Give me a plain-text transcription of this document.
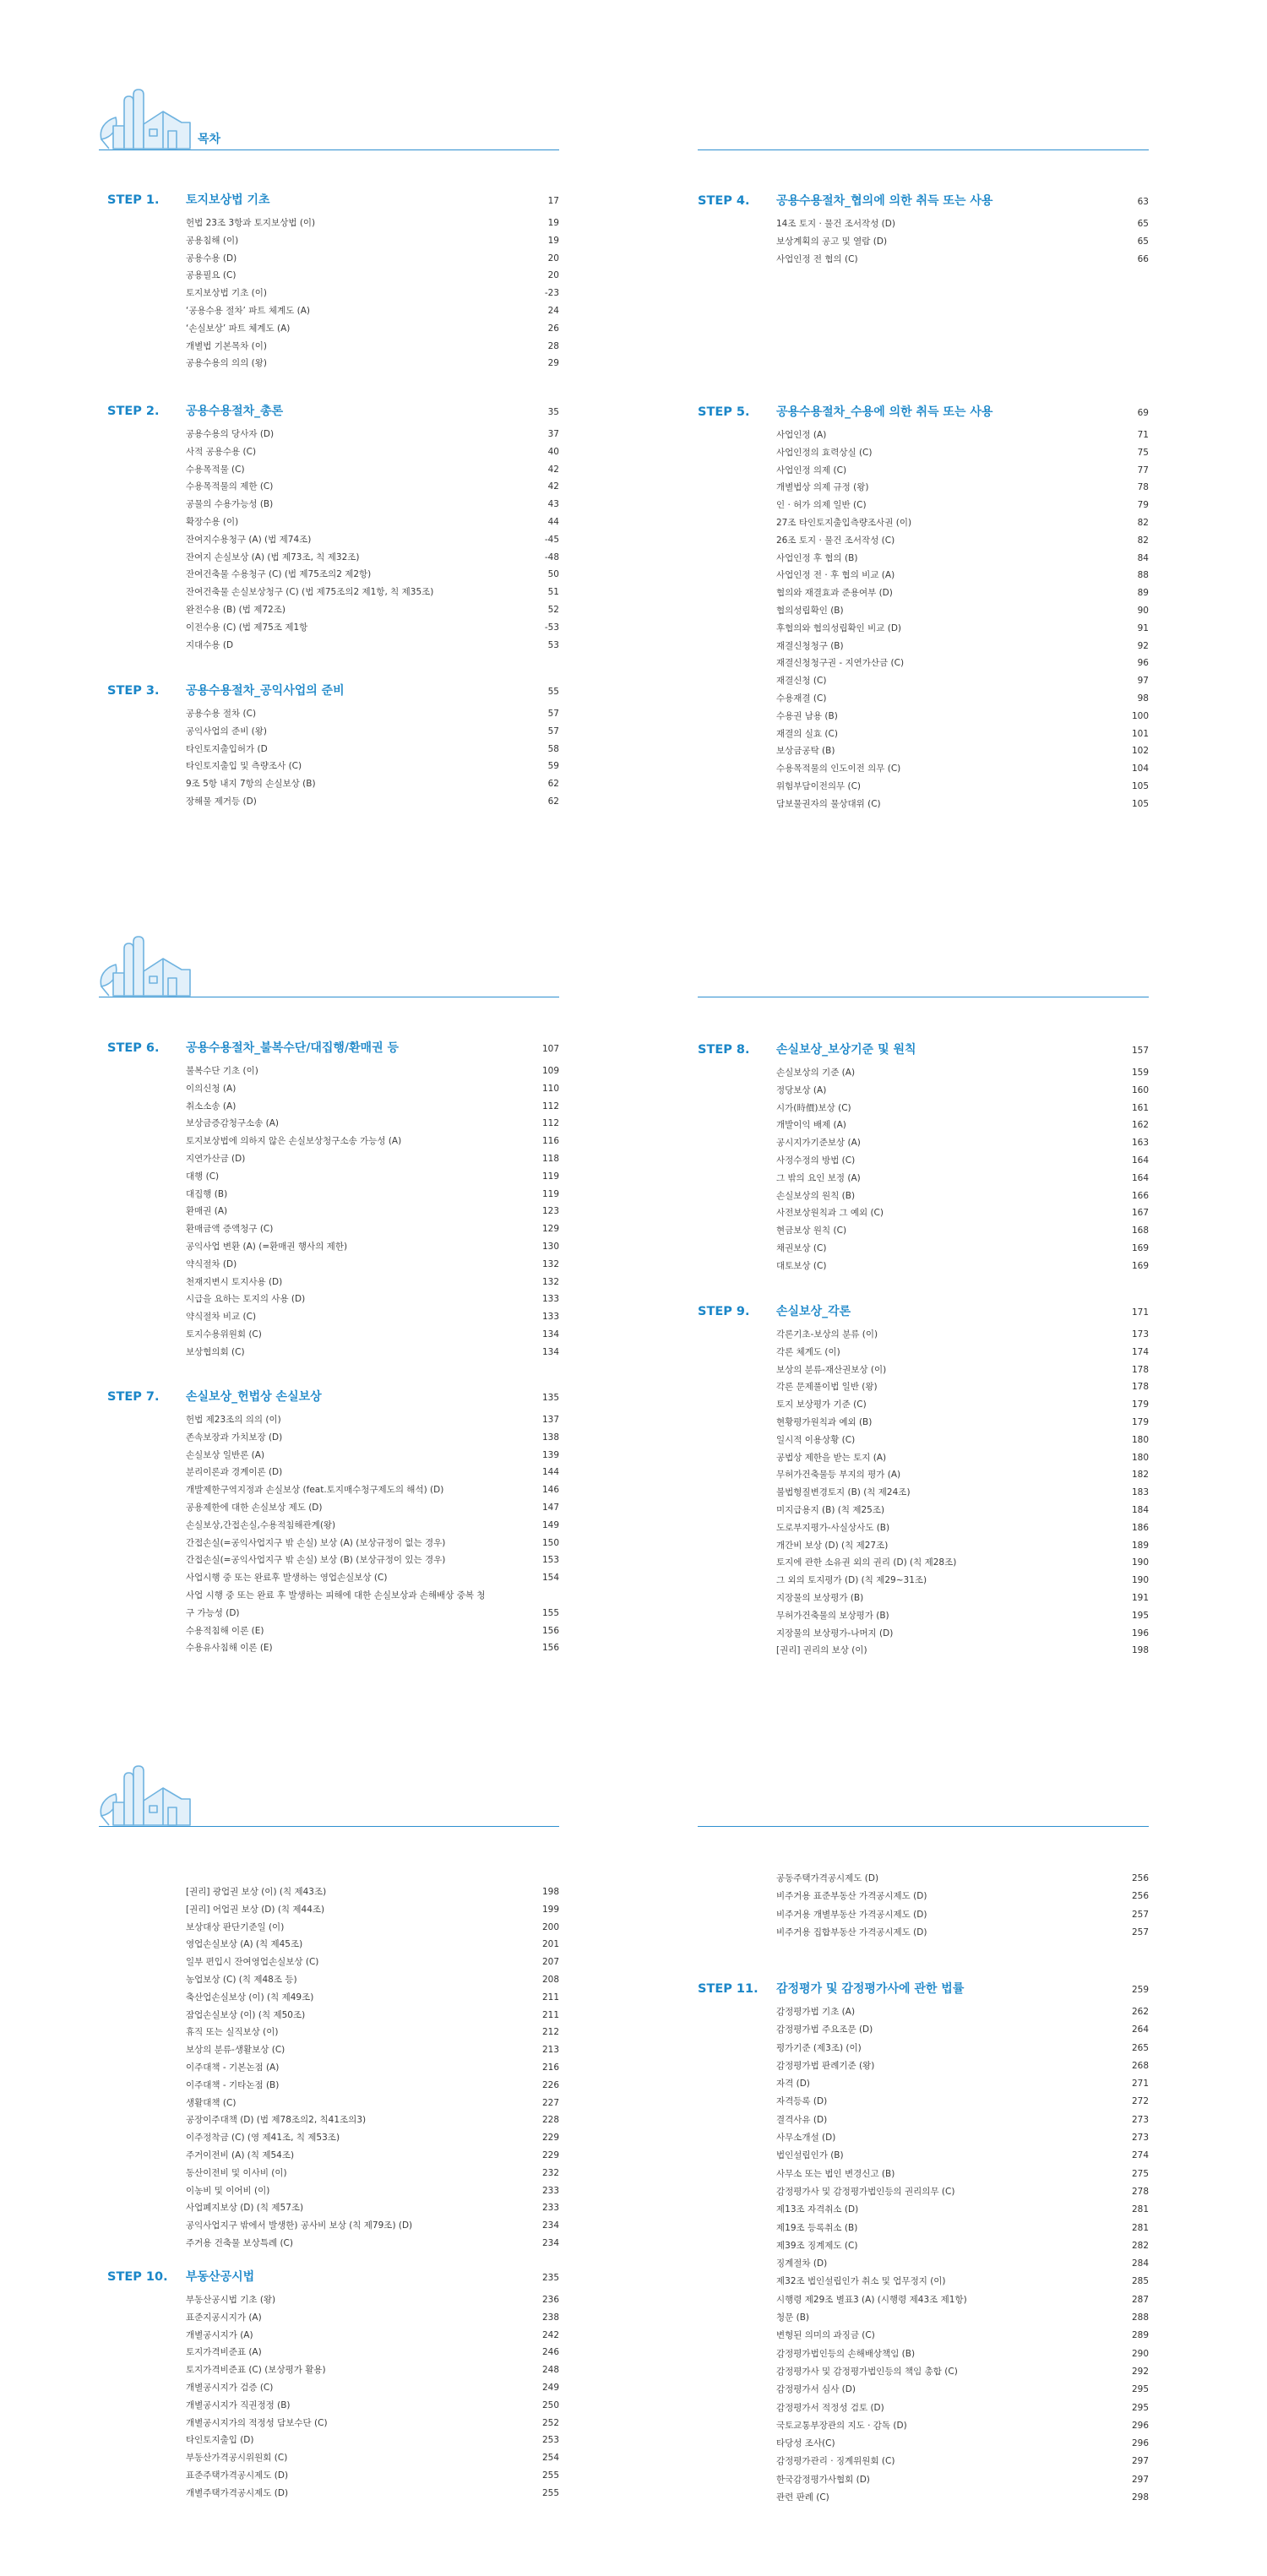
목차
STEP 1.	토지보상법 기초	17
헌법 23조 3항과 토지보상법 (이)	19
공용침해 (이)	19
공용수용 (D)	20
공용필요 (C)	20
토지보상법 기초 (이)	-23
‘공용수용 절차’ 파트 체계도 (A)	24
‘손실보상’ 파트 체계도 (A)	26
개별법 기본목차 (이)	28
공용수용의 의의 (왕)	29
STEP 2.	공용수용절차_총론	35
공용수용의 당사자 (D)	37
사적 공용수용 (C)	40
수용목적물 (C)	42
수용목적물의 제한 (C)	42
공물의 수용가능성 (B)	43
확장수용 (이)	44
잔여지수용청구 (A) (법 제74조)	-45
잔여지 손실보상 (A) (법 제73조, 칙 제32조)	-48
잔여건축물 수용청구 (C) (법 제75조의2 제2항)	50
잔여건축물 손실보상청구 (C) (법 제75조의2 제1항, 칙 제35조)	51
완전수용 (B) (법 제72조)	52
이전수용 (C) (법 제75조 제1항	-53
지대수용 (D	53
STEP 3.	공용수용절차_공익사업의 준비	55
공용수용 절차 (C)	57
공익사업의 준비 (왕)	57
타인토지출입허가 (D	58
타인토지출입 및 측량조사 (C)	59
9조 5항 내지 7항의 손실보상 (B)	62
장해물 제거등 (D)	62
STEP 4.	공용수용절차_협의에 의한 취득 또는 사용	63
14조 토지 · 물건 조서작성 (D)	65
보상계획의 공고 및 열람 (D)	65
사업인정 전 협의 (C)	66
STEP 5.	공용수용절차_수용에 의한 취득 또는 사용	69
사업인정 (A)	71
사업인정의 효력상실 (C)	75
사업인정 의제 (C)	77
개별법상 의제 규정 (왕)	78
인 · 허가 의제 일반 (C)	79
27조 타인토지출입측량조사권 (이)	82
26조 토지 · 물건 조서작성 (C)	82
사업인정 후 협의 (B)	84
사업인정 전 · 후 협의 비교 (A)	88
협의와 재결효과 준용여부 (D)	89
협의성립확인 (B)	90
후협의와 협의성립확인 비교 (D)	91
재결신청청구 (B)	92
재결신청청구권 - 지연가산금 (C)	96
재결신청 (C)	97
수용재결 (C)	98
수용권 남용 (B)	100
재결의 실효 (C)	101
보상금공탁 (B)	102
수용목적물의 인도이전 의무 (C)	104
위험부담이전의무 (C)	105
담보물권자의 물상대위 (C)	105
STEP 6.	공용수용절차_불복수단/대집행/환매권 등	107
불복수단 기초 (이)	109
이의신청 (A)	110
취소소송 (A)	112
보상금증감청구소송 (A)	112
토지보상법에 의하지 않은 손실보상청구소송 가능성 (A)	116
지연가산금 (D)	118
대행 (C)	119
대집행 (B)	119
환매권 (A)	123
환매금액 증액청구 (C)	129
공익사업 변환 (A) (=환매권 행사의 제한)	130
약식절차 (D)	132
천재지변시 토지사용 (D)	132
시급을 요하는 토지의 사용 (D)	133
약식절차 비교 (C)	133
토지수용위원회 (C)	134
보상협의회 (C)	134
STEP 7.	손실보상_헌법상 손실보상	135
헌법 제23조의 의의 (이)	137
존속보장과 가치보장 (D)	138
손실보상 일반론 (A)	139
분리이론과 경계이론 (D)	144
개발제한구역지정과 손실보상 (feat.토지매수청구제도의 해석) (D)	146
공용제한에 대한 손실보상 제도 (D)	147
손실보상,간접손실,수용적침해관계(왕)	149
간접손실(=공익사업지구 밖 손실) 보상 (A) (보상규정이 없는 경우)	150
간접손실(=공익사업지구 밖 손실) 보상 (B) (보상규정이 있는 경우)	153
사업시행 중 또는 완료후 발생하는 영업손실보상 (C)	154
사업 시행 중 또는 완료 후 발생하는 피해에 대한 손실보상과 손해배상 중복 청
구 가능성 (D)	155
수용적침해 이론 (E)	156
수용유사침해 이론 (E)	156
STEP 8.	손실보상_보상기준 및 원칙	157
손실보상의 기준 (A)	159
정당보상 (A)	160
시가(時價)보상 (C)	161
개발이익 배제 (A)	162
공시지가기준보상 (A)	163
사정수정의 방법 (C)	164
그 밖의 요인 보정 (A)	164
손실보상의 원칙 (B)	166
사전보상원칙과 그 예외 (C)	167
현금보상 원칙 (C)	168
채권보상 (C)	169
대토보상 (C)	169
STEP 9.	손실보상_각론	171
각론기초-보상의 분류 (이)	173
각론 체계도 (이)	174
보상의 분류-재산권보상 (이)	178
각론 문제풀이법 일반 (왕)	178
토지 보상평가 기준 (C)	179
현황평가원칙과 예외 (B)	179
일시적 이용상황 (C)	180
공법상 제한을 받는 토지 (A)	180
무허가건축물등 부지의 평가 (A)	182
불법형질변경토지 (B) (칙 제24조)	183
미지급용지 (B) (칙 제25조)	184
도로부지평가-사실상사도 (B)	186
개간비 보상 (D) (칙 제27조)	189
토지에 관한 소유권 외의 권리 (D) (칙 제28조)	190
그 외의 토지평가 (D) (칙 제29~31조)	190
지장물의 보상평가 (B)	191
무허가건축물의 보상평가 (B)	195
지장물의 보상평가-나머지 (D)	196
[권리] 권리의 보상 (이)	198
[권리] 광업권 보상 (이) (칙 제43조)	198
[권리] 어업권 보상 (D) (칙 제44조)	199
보상대상 판단기준일 (이)	200
영업손실보상 (A) (칙 제45조)	201
일부 편입시 잔여영업손실보상 (C)	207
농업보상 (C) (칙 제48조 등)	208
축산업손실보상 (이) (칙 제49조)	211
잠업손실보상 (이) (칙 제50조)	211
휴직 또는 실직보상 (이)	212
보상의 분류-생활보상 (C)	213
이주대책 - 기본논점 (A)	216
이주대책 - 기타논점 (B)	226
생활대책 (C)	227
공장이주대책 (D) (법 제78조의2, 칙41조의3)	228
이주정착금 (C) (영 제41조, 칙 제53조)	229
주거이전비 (A) (칙 제54조)	229
동산이전비 및 이사비 (이)	232
이농비 및 이어비 (이)	233
사업폐지보상 (D) (칙 제57조)	233
공익사업지구 밖에서 발생한) 공사비 보상 (칙 제79조) (D)	234
주거용 건축물 보상특례 (C)	234
STEP 10.	부동산공시법	235
부동산공시법 기초 (왕)	236
표준지공시지가 (A)	238
개별공시지가 (A)	242
토지가격비준표 (A)	246
토지가격비준표 (C) (보상평가 활용)	248
개별공시지가 검증 (C)	249
개별공시지가 직권정정 (B)	250
개별공시지가의 적정성 담보수단 (C)	252
타인토지출입 (D)	253
부동산가격공시위원회 (C)	254
표준주택가격공시제도 (D)	255
개별주택가격공시제도 (D)	255
공동주택가격공시제도 (D)	256
비주거용 표준부동산 가격공시제도 (D)	256
비주거용 개별부동산 가격공시제도 (D)	257
비주거용 집합부동산 가격공시제도 (D)	257
STEP 11.	감정평가 및 감정평가사에 관한 법률	259
감정평가법 기초 (A)	262
감정평가법 주요조문 (D)	264
평가기준 (제3조) (이)	265
감정평가법 판례기준 (왕)	268
자격 (D)	271
자격등록 (D)	272
결격사유 (D)	273
사무소개설 (D)	273
법인설립인가 (B)	274
사무소 또는 법인 변경신고 (B)	275
감정평가사 및 감정평가법인등의 권리의무 (C)	278
제13조 자격취소 (D)	281
제19조 등록취소 (B)	281
제39조 징계제도 (C)	282
징계절차 (D)	284
제32조 법인설립인가 취소 및 업무정지 (이)	285
시행령 제29조 별표3 (A) (시행령 제43조 제1항)	287
청문 (B)	288
변형된 의미의 과징금 (C)	289
감정평가법인등의 손해배상책임 (B)	290
감정평가사 및 감정평가법인등의 책임 총합 (C)	292
감정평가서 심사 (D)	295
감정평가서 적정성 검토 (D)	295
국토교통부장관의 지도 · 감독 (D)	296
타당성 조사(C)	296
감정평가관리 · 징계위원회 (C)	297
한국감정평가사협회 (D)	297
관련 판례 (C)	298
